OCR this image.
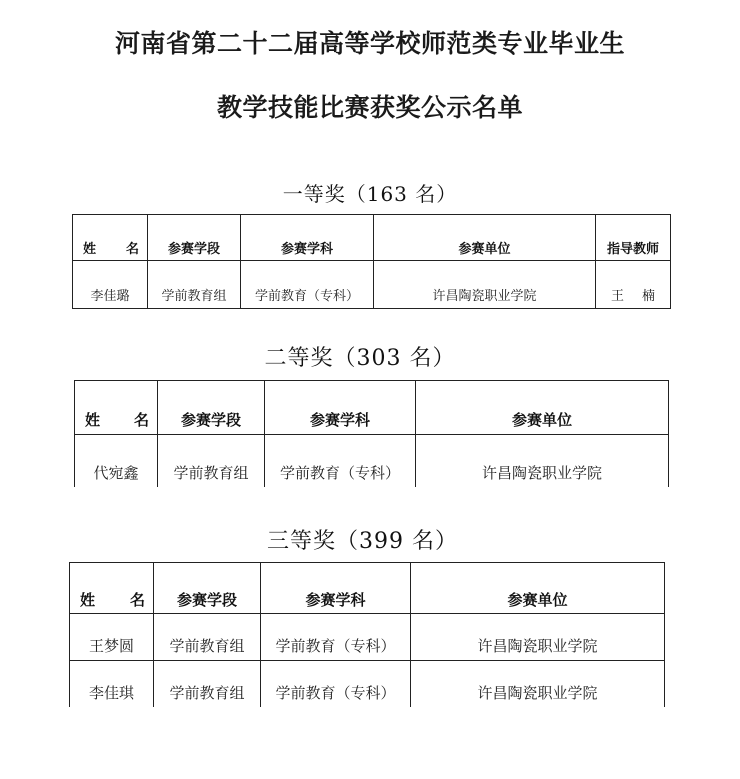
河南省第二十二届高等学校师范类专业毕业生
教学技能比赛获奖公示名单
一等奖（163 名）
姓 名	参赛学段	参赛学科	参赛单位	指导教师
李佳璐	学前教育组	学前教育（专科）	许昌陶瓷职业学院	王 楠
二等奖（303 名）
姓 名	参赛学段	参赛学科	参赛单位
代宛鑫	学前教育组	学前教育（专科）	许昌陶瓷职业学院
三等奖（399 名）
姓 名	参赛学段	参赛学科	参赛单位
王梦圆	学前教育组	学前教育（专科）	许昌陶瓷职业学院
李佳琪	学前教育组	学前教育（专科）	许昌陶瓷职业学院
